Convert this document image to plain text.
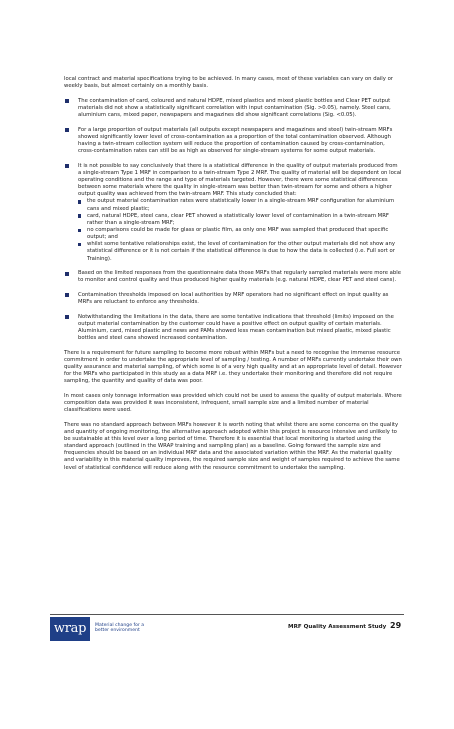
local contract and material specifications trying to be achieved. In many cases, most of these variables can vary on daily or weekly basis, but almost certainly on a monthly basis.

The contamination of card, coloured and natural HDPE, mixed plastics and mixed plastic bottles and Clear PET output materials did not show a statistically significant correlation with input contamination (Sig. >0.05), namely. Steel cans, aluminium cans, mixed paper, newspapers and magazines did show significant correlations (Sig. <0.05).

For a large proportion of output materials (all outputs except newspapers and magazines and steel) twin-stream MRFs showed significantly lower level of cross-contamination as a proportion of the total contamination observed. Although having a twin-stream collection system will reduce the proportion of contamination caused by cross-contamination, cross-contamination rates can still be as high as observed for single-stream systems for some output materials.

It is not possible to say conclusively that there is a statistical difference in the quality of output materials produced from a single-stream Type 1 MRF in comparison to a twin-stream Type 2 MRF. The quality of material will be dependent on local operating conditions and the range and type of materials targeted. However, there were some statistical differences between some materials where the quality in single-stream was better than twin-stream for some and others a higher output quality was achieved from the twin-stream MRF. This study concluded that:

the output material contamination rates were statistically lower in a single-stream MRF configuration for aluminium cans and mixed plastic;
card, natural HDPE, steel cans, clear PET showed a statistically lower level of contamination in a twin-stream MRF rather than a single-stream MRF;
no comparisons could be made for glass or plastic film, as only one MRF was sampled that produced that specific output; and
whilst some tentative relationships exist, the level of contamination for the other output materials did not show any statistical difference or it is not certain if the statistical difference is due to how the data is collected (i.e. Full sort or Training).

Based on the limited responses from the questionnaire data those MRFs that regularly sampled materials were more able to monitor and control quality and thus produced higher quality materials (e.g. natural HDPE, clear PET and steel cans).

Contamination thresholds imposed on local authorities by MRF operators had no significant effect on input quality as MRFs are reluctant to enforce any thresholds.

Notwithstanding the limitations in the data, there are some tentative indications that threshold (limits) imposed on the output material contamination by the customer could have a positive effect on output quality of certain materials. Aluminium, card, mixed plastic and news and PAMs showed less mean contamination but mixed plastic, mixed plastic bottles and steel cans showed increased contamination.

There is a requirement for future sampling to become more robust within MRFs but a need to recognise the immense resource commitment in order to undertake the appropriate level of sampling / testing. A number of MRFs currently undertake their own quality assurance and material sampling, of which some is of a very high quality and at an appropriate level of detail. However for the MRFs who participated in this study as a data MRF i.e. they undertake their monitoring and therefore did not require sampling, the quantity and quality of data was poor.

In most cases only tonnage information was provided which could not be used to assess the quality of output materials. Where composition data was provided it was inconsistent, infrequent, small sample size and a limited number of material classifications were used.

There was no standard approach between MRFs however it is worth noting that whilst there are some concerns on the quality and quantity of ongoing monitoring, the alternative approach adopted within this project is resource intensive and unlikely to be sustainable at this level over a long period of time. Therefore it is essential that local monitoring is started using the standard approach (outlined in the WRAP training and sampling plan) as a baseline. Going forward the sample size and frequencies should be based on an individual MRF data and the associated variation within the MRF. As the material quality and variability in this material quality improves, the required sample size and weight of samples required to achieve the same level of statistical confidence will reduce along with the resource commitment to undertake the sampling.

wrap	Material change for a better environment
MRF Quality Assessment Study 29
